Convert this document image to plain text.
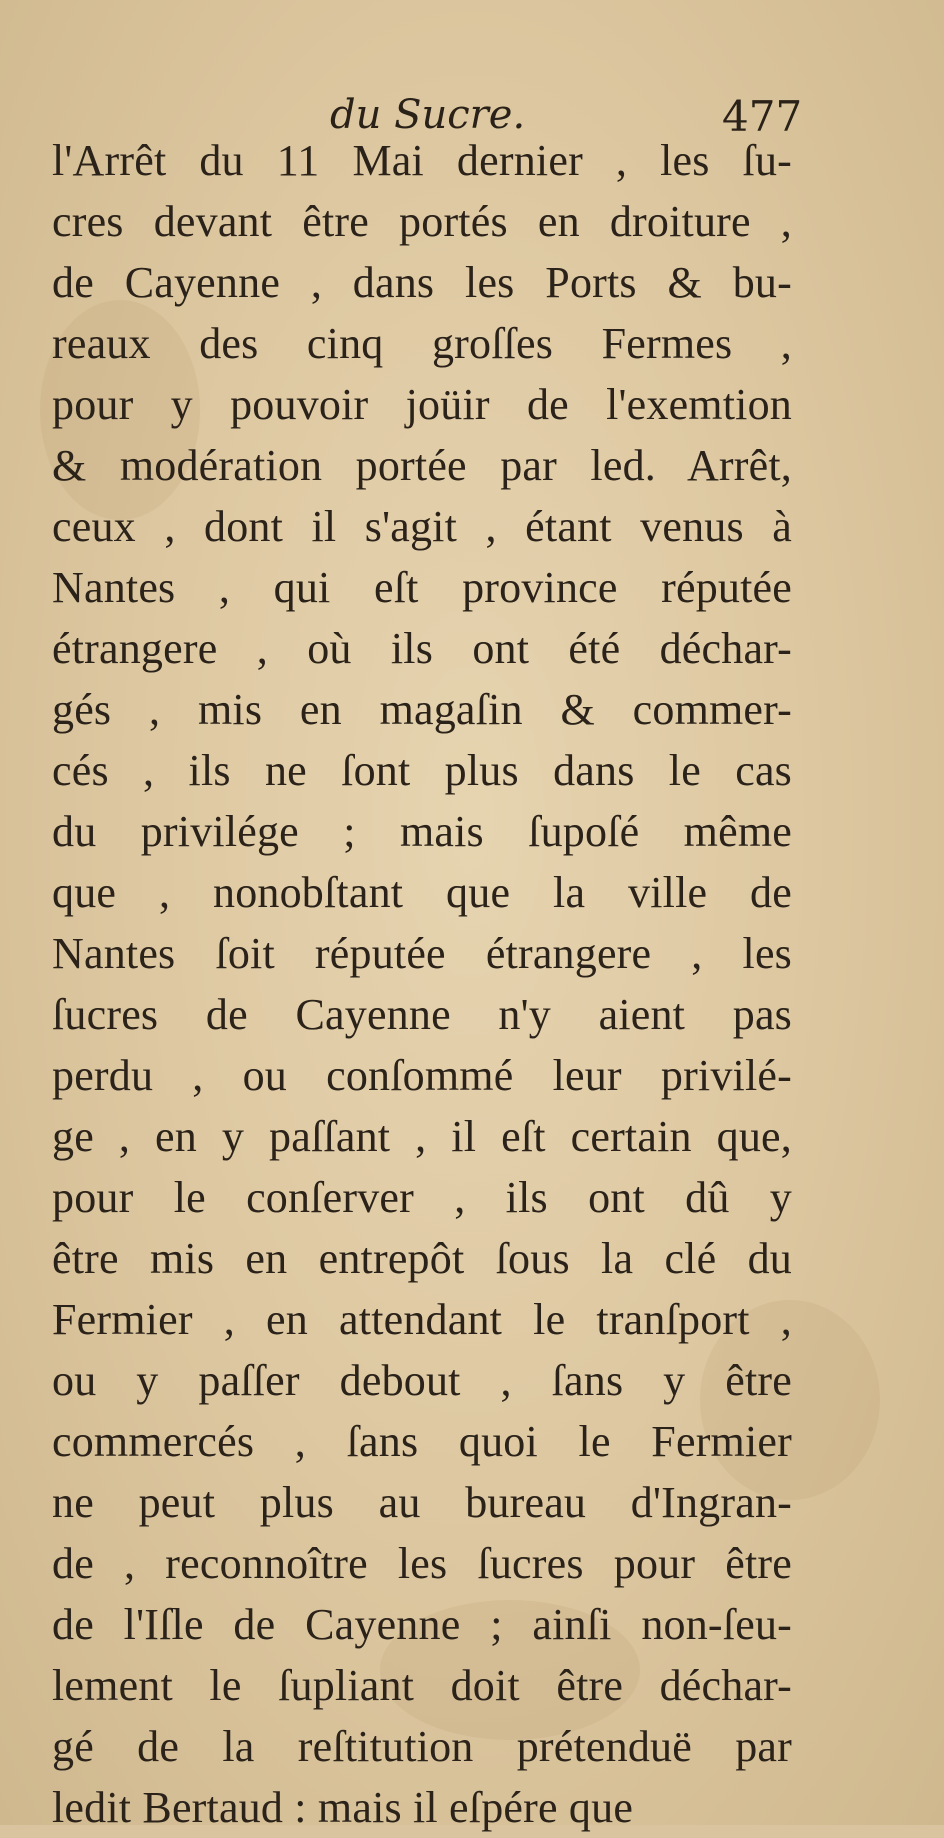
du Sucre.	477
l'Arrêt du 11 Mai dernier , les ſu-
cres devant être portés en droiture ,
de Cayenne , dans les Ports & bu-
reaux des cinq groſſes Fermes ,
pour y pouvoir joüir de l'exemtion
& modération portée par led. Arrêt,
ceux , dont il s'agit , étant venus à
Nantes , qui eſt province réputée
étrangere , où ils ont été déchar-
gés , mis en magaſin & commer-
cés , ils ne ſont plus dans le cas
du privilége ; mais ſupoſé même
que , nonobſtant que la ville de
Nantes ſoit réputée étrangere , les
ſucres de Cayenne n'y aient pas
perdu , ou conſommé leur privilé-
ge , en y paſſant , il eſt certain que,
pour le conſerver , ils ont dû y
être mis en entrepôt ſous la clé du
Fermier , en attendant le tranſport ,
ou y paſſer debout , ſans y être
commercés , ſans quoi le Fermier
ne peut plus au bureau d'Ingran-
de , reconnoître les ſucres pour être
de l'Iſle de Cayenne ; ainſi non-ſeu-
lement le ſupliant doit être déchar-
gé de la reſtitution prétenduë par
ledit Bertaud : mais il eſpére que
